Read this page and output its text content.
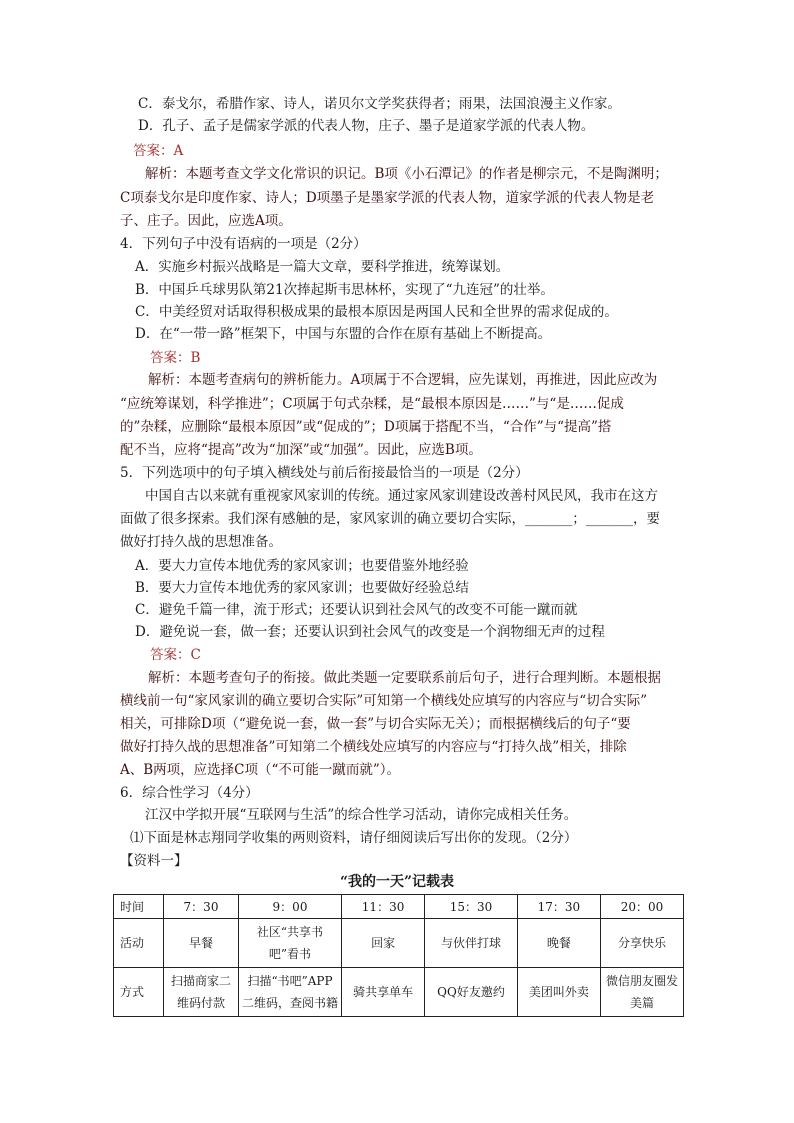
C．泰戈尔，希腊作家、诗人，诺贝尔文学奖获得者；雨果，法国浪漫主义作家。
D．孔子、孟子是儒家学派的代表人物，庄子、墨子是道家学派的代表人物。
答案：A
解析：本题考查文学文化常识的识记。B项《小石潭记》的作者是柳宗元，不是陶渊明；
C项泰戈尔是印度作家、诗人；D项墨子是墨家学派的代表人物，道家学派的代表人物是老
子、庄子。因此，应选A项。
4．下列句子中没有语病的一项是（2分）
A．实施乡村振兴战略是一篇大文章，要科学推进，统筹谋划。
B．中国乒乓球男队第21次捧起斯韦思林杯，实现了“九连冠”的壮举。
C．中美经贸对话取得积极成果的最根本原因是两国人民和全世界的需求促成的。
D．在“一带一路”框架下，中国与东盟的合作在原有基础上不断提高。
答案：B
解析：本题考查病句的辨析能力。A项属于不合逻辑，应先谋划，再推进，因此应改为
“应统筹谋划，科学推进”；C项属于句式杂糅，是“最根本原因是……”与“是……促成
的”杂糅，应删除“最根本原因”或“促成的”；D项属于搭配不当，“合作”与“提高”搭
配不当，应将“提高”改为“加深”或“加强”。因此，应选B项。
5．下列选项中的句子填入横线处与前后衔接最恰当的一项是（2分）
中国自古以来就有重视家风家训的传统。通过家风家训建设改善村风民风，我市在这方
面做了很多探索。我们深有感触的是，家风家训的确立要切合实际，_______；_______，要
做好打持久战的思想准备。
A．要大力宣传本地优秀的家风家训；也要借鉴外地经验
B．要大力宣传本地优秀的家风家训；也要做好经验总结
C．避免千篇一律，流于形式；还要认识到社会风气的改变不可能一蹴而就
D．避免说一套，做一套；还要认识到社会风气的改变是一个润物细无声的过程
答案：C
解析：本题考查句子的衔接。做此类题一定要联系前后句子，进行合理判断。本题根据
横线前一句“家风家训的确立要切合实际”可知第一个横线处应填写的内容应与“切合实际”
相关，可排除D项（“避免说一套，做一套”与切合实际无关）；而根据横线后的句子“要
做好打持久战的思想准备”可知第二个横线处应填写的内容应与“打持久战”相关，排除
A、B两项，应选择C项（“不可能一蹴而就”）。
6．综合性学习（4分）
江汉中学拟开展“互联网与生活”的综合性学习活动，请你完成相关任务。
⑴下面是林志翔同学收集的两则资料，请仔细阅读后写出你的发现。（2分）
【资料一】
“我的一天”记载表
时间	7：30	9：00	11：30	15：30	17：30	20：00
活动	早餐	社区“共享书吧”看书	回家	与伙伴打球	晚餐	分享快乐
方式	扫描商家二维码付款	扫描“书吧”APP二维码，查阅书籍	骑共享单车	QQ好友邀约	美团叫外卖	微信朋友圈发美篇
